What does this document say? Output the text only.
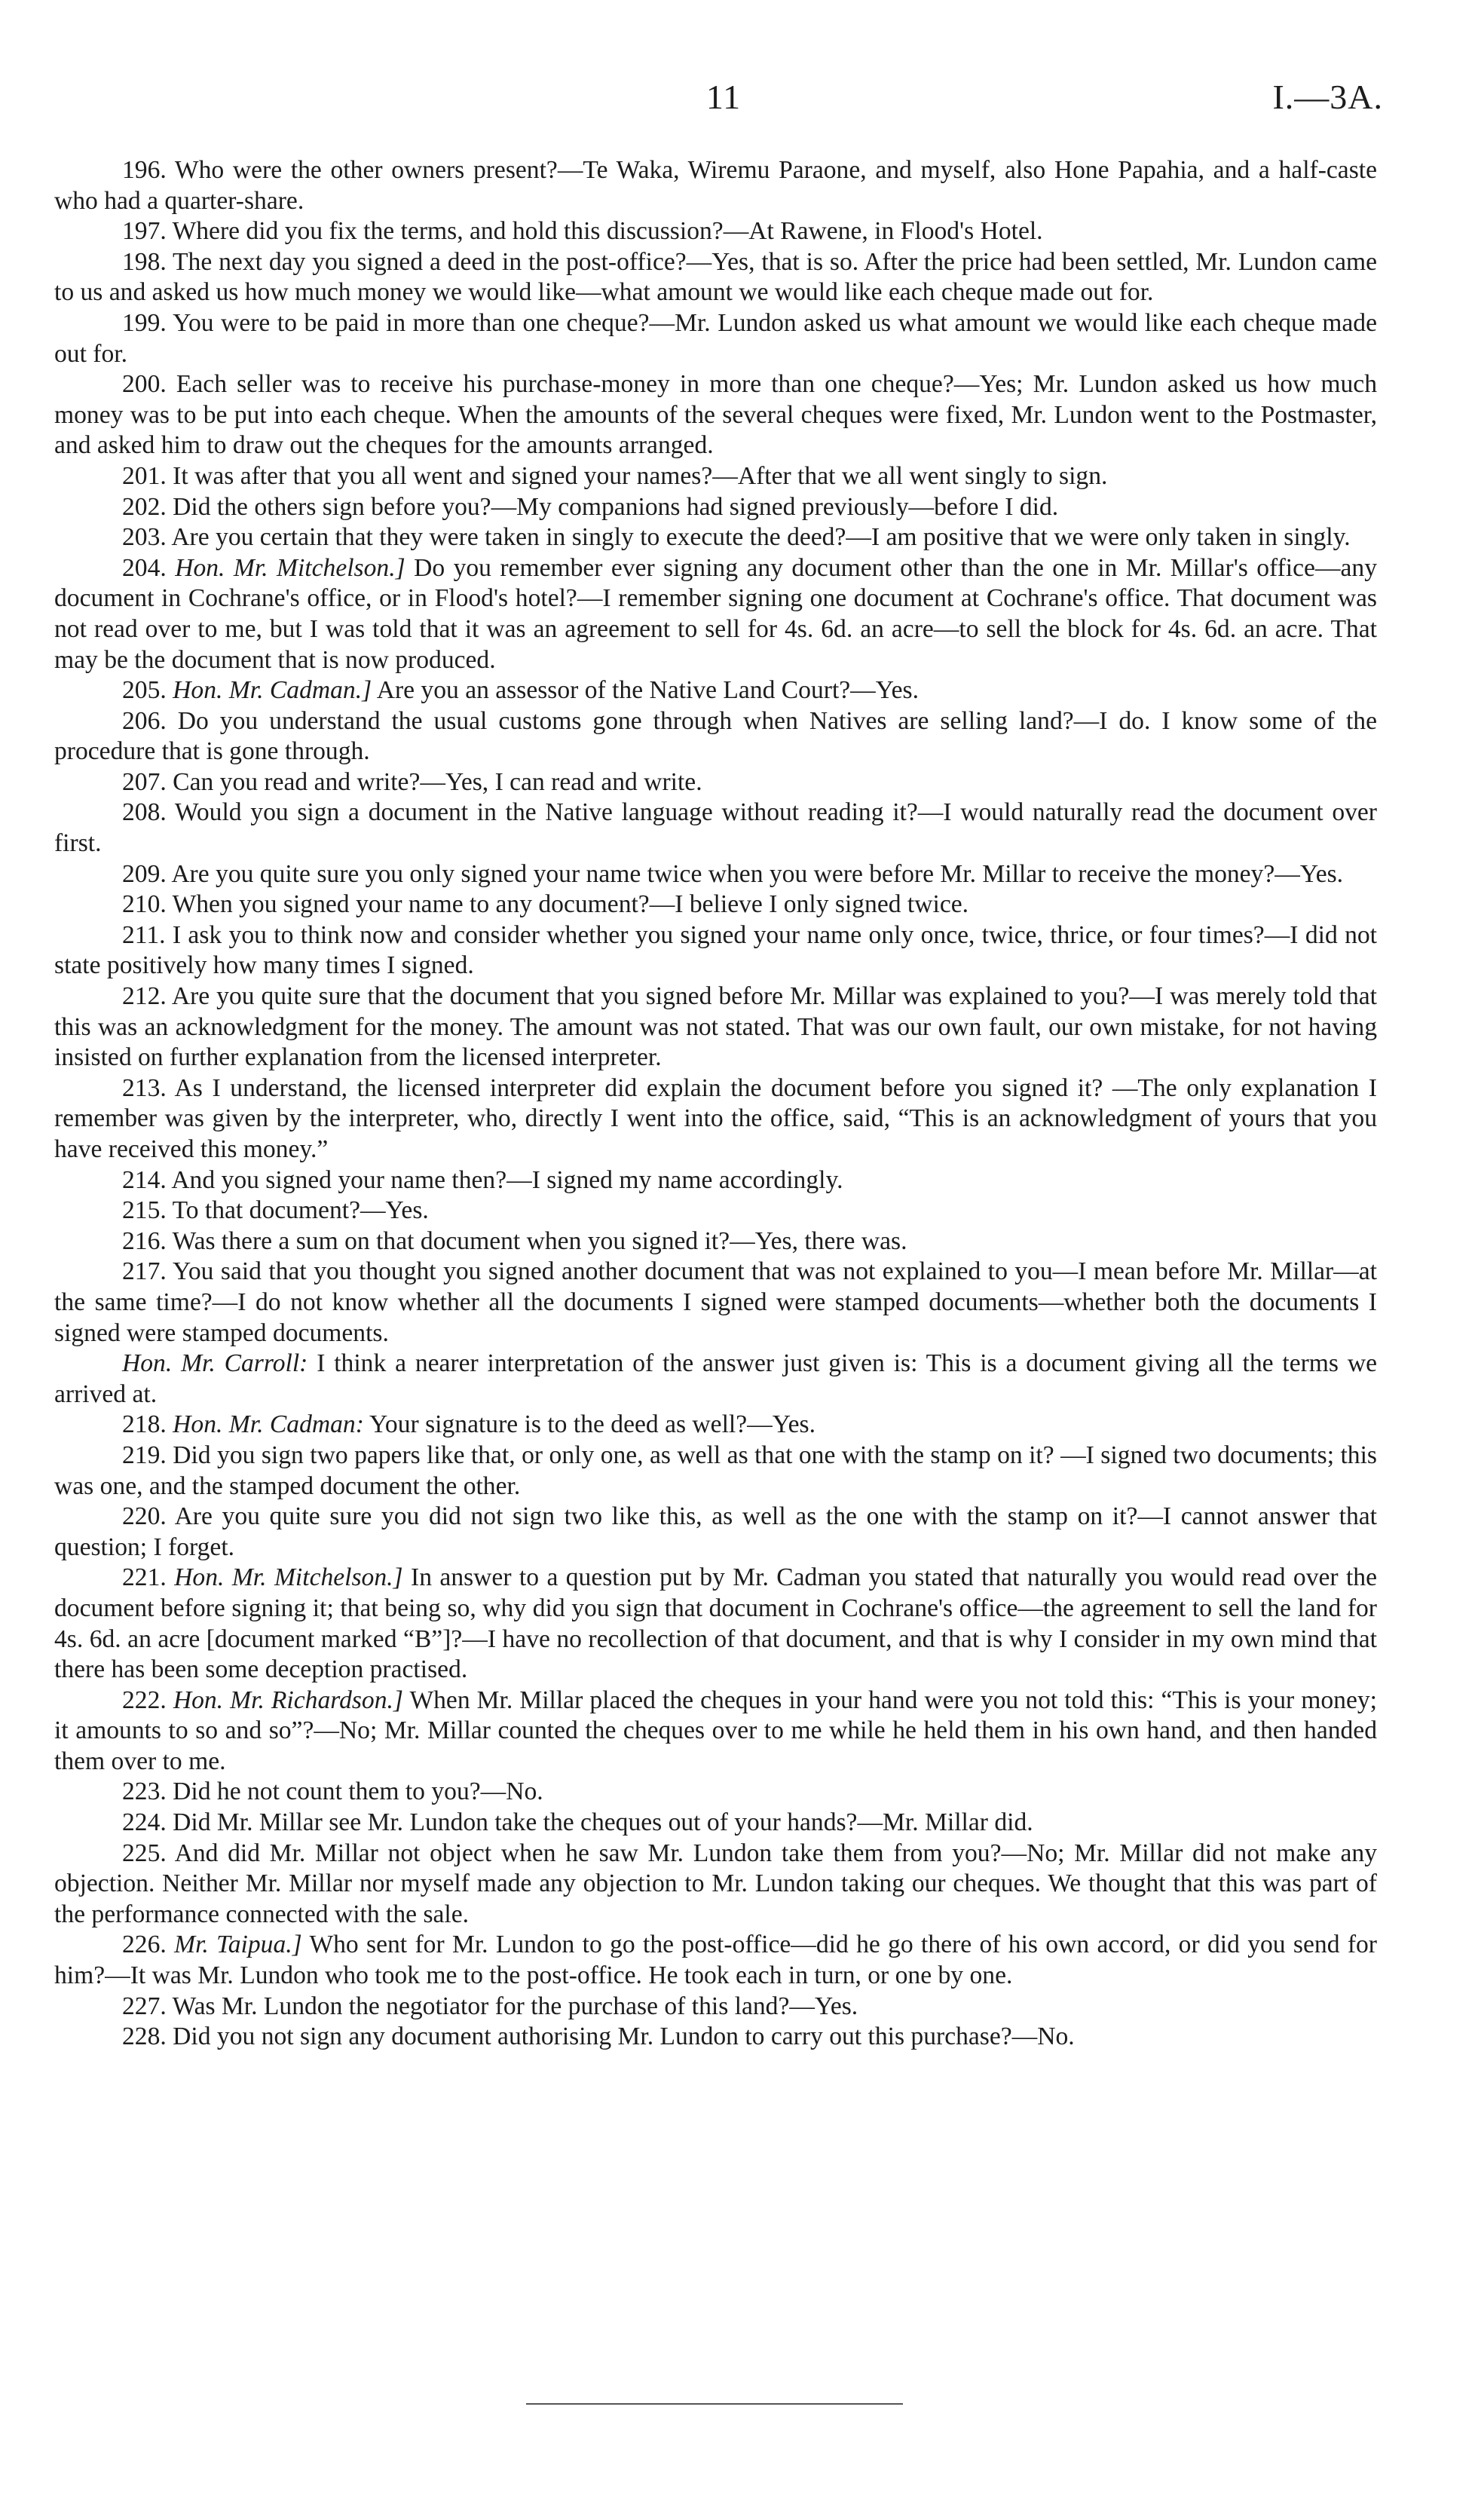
11	I.—3A.

196. Who were the other owners present?—Te Waka, Wiremu Paraone, and myself, also Hone Papahia, and a half-caste who had a quarter-share.

197. Where did you fix the terms, and hold this discussion?—At Rawene, in Flood's Hotel.

198. The next day you signed a deed in the post-office?—Yes, that is so. After the price had been settled, Mr. Lundon came to us and asked us how much money we would like—what amount we would like each cheque made out for.

199. You were to be paid in more than one cheque?—Mr. Lundon asked us what amount we would like each cheque made out for.

200. Each seller was to receive his purchase-money in more than one cheque?—Yes; Mr. Lundon asked us how much money was to be put into each cheque. When the amounts of the several cheques were fixed, Mr. Lundon went to the Postmaster, and asked him to draw out the cheques for the amounts arranged.

201. It was after that you all went and signed your names?—After that we all went singly to sign.

202. Did the others sign before you?—My companions had signed previously—before I did.

203. Are you certain that they were taken in singly to execute the deed?—I am positive that we were only taken in singly.

204. Hon. Mr. Mitchelson.] Do you remember ever signing any document other than the one in Mr. Millar's office—any document in Cochrane's office, or in Flood's hotel?—I remember signing one document at Cochrane's office. That document was not read over to me, but I was told that it was an agreement to sell for 4s. 6d. an acre—to sell the block for 4s. 6d. an acre. That may be the document that is now produced.

205. Hon. Mr. Cadman.] Are you an assessor of the Native Land Court?—Yes.

206. Do you understand the usual customs gone through when Natives are selling land?—I do. I know some of the procedure that is gone through.

207. Can you read and write?—Yes, I can read and write.

208. Would you sign a document in the Native language without reading it?—I would naturally read the document over first.

209. Are you quite sure you only signed your name twice when you were before Mr. Millar to receive the money?—Yes.

210. When you signed your name to any document?—I believe I only signed twice.

211. I ask you to think now and consider whether you signed your name only once, twice, thrice, or four times?—I did not state positively how many times I signed.

212. Are you quite sure that the document that you signed before Mr. Millar was explained to you?—I was merely told that this was an acknowledgment for the money. The amount was not stated. That was our own fault, our own mistake, for not having insisted on further explanation from the licensed interpreter.

213. As I understand, the licensed interpreter did explain the document before you signed it? —The only explanation I remember was given by the interpreter, who, directly I went into the office, said, “This is an acknowledgment of yours that you have received this money.”

214. And you signed your name then?—I signed my name accordingly.

215. To that document?—Yes.

216. Was there a sum on that document when you signed it?—Yes, there was.

217. You said that you thought you signed another document that was not explained to you—I mean before Mr. Millar—at the same time?—I do not know whether all the documents I signed were stamped documents—whether both the documents I signed were stamped documents.

Hon. Mr. Carroll: I think a nearer interpretation of the answer just given is: This is a document giving all the terms we arrived at.

218. Hon. Mr. Cadman: Your signature is to the deed as well?—Yes.

219. Did you sign two papers like that, or only one, as well as that one with the stamp on it? —I signed two documents; this was one, and the stamped document the other.

220. Are you quite sure you did not sign two like this, as well as the one with the stamp on it?—I cannot answer that question; I forget.

221. Hon. Mr. Mitchelson.] In answer to a question put by Mr. Cadman you stated that naturally you would read over the document before signing it; that being so, why did you sign that document in Cochrane's office—the agreement to sell the land for 4s. 6d. an acre [document marked “B”]?—I have no recollection of that document, and that is why I consider in my own mind that there has been some deception practised.

222. Hon. Mr. Richardson.] When Mr. Millar placed the cheques in your hand were you not told this: “This is your money; it amounts to so and so”?—No; Mr. Millar counted the cheques over to me while he held them in his own hand, and then handed them over to me.

223. Did he not count them to you?—No.

224. Did Mr. Millar see Mr. Lundon take the cheques out of your hands?—Mr. Millar did.

225. And did Mr. Millar not object when he saw Mr. Lundon take them from you?—No; Mr. Millar did not make any objection. Neither Mr. Millar nor myself made any objection to Mr. Lundon taking our cheques. We thought that this was part of the performance connected with the sale.

226. Mr. Taipua.] Who sent for Mr. Lundon to go the post-office—did he go there of his own accord, or did you send for him?—It was Mr. Lundon who took me to the post-office. He took each in turn, or one by one.

227. Was Mr. Lundon the negotiator for the purchase of this land?—Yes.

228. Did you not sign any document authorising Mr. Lundon to carry out this purchase?—No.
